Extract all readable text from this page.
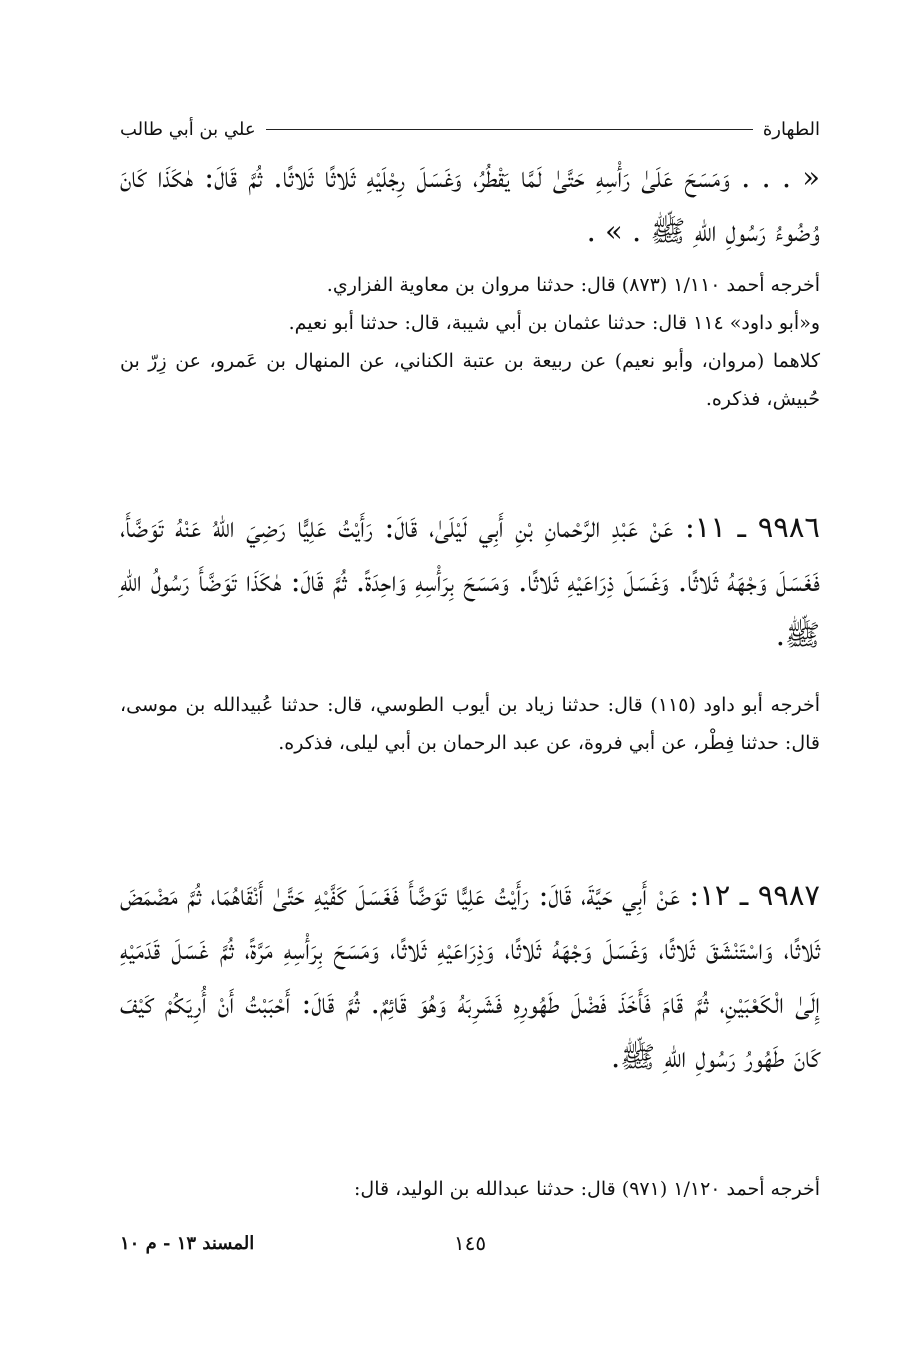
الطهارة
علي بن أبي طالب

« . . . وَمَسَحَ عَلَىٰ رَأْسِهِ حَتَّىٰ لَمَّا يَقْطُرُ، وَغَسَلَ رِجْلَيْهِ ثَلاثًا ثَلاثًا. ثُمَّ قَالَ: هٰكَذَا كَانَ وُضُوءُ رَسُولِ اللهِ ﷺ . » .

أخرجه أحمد ١/١١٠ (٨٧٣) قال: حدثنا مروان بن معاوية الفزاري.

و«أبو داود» ١١٤ قال: حدثنا عثمان بن أبي شيبة، قال: حدثنا أبو نعيم.

كلاهما (مروان، وأبو نعيم) عن ربيعة بن عتبة الكناني، عن المنهال بن عَمرو، عن زِرّ بن حُبيش، فذكره.

٩٩٨٦ ـ ١١: عَنْ عَبْدِ الرَّحْمانِ بْنِ أَبِي لَيْلَىٰ، قَالَ: رَأَيْتُ عَلِيًّا رَضِيَ اللهُ عَنْهُ تَوَضَّأَ، فَغَسَلَ وَجْهَهُ ثَلاثًا. وَغَسَلَ ذِرَاعَيْهِ ثَلاثًا. وَمَسَحَ بِرَأْسِهِ وَاحِدَةً. ثُمَّ قَالَ: هٰكَذَا تَوَضَّأَ رَسُولُ اللهِ ﷺ.

أخرجه أبو داود (١١٥) قال: حدثنا زياد بن أيوب الطوسي، قال: حدثنا عُبيدالله بن موسى، قال: حدثنا فِطْر، عن أبي فروة، عن عبد الرحمان بن أبي ليلى، فذكره.

٩٩٨٧ ـ ١٢: عَنْ أَبِي حَيَّةَ، قَالَ: رَأَيْتُ عَلِيًّا تَوَضَّأَ فَغَسَلَ كَفَّيْهِ حَتَّىٰ أَنْقَاهُمَا، ثُمَّ مَضْمَضَ ثَلاثًا، وَاسْتَنْشَقَ ثَلاثًا، وَغَسَلَ وَجْهَهُ ثَلاثًا، وَذِرَاعَيْهِ ثَلاثًا، وَمَسَحَ بِرَأْسِهِ مَرَّةً، ثُمَّ غَسَلَ قَدَمَيْهِ إِلَىٰ الْكَعْبَيْنِ، ثُمَّ قَامَ فَأَخَذَ فَضْلَ طَهُورِهِ فَشَرِبَهُ وَهُوَ قَائِمٌ. ثُمَّ قَالَ: أَحْبَبْتُ أَنْ أُرِيَكُمْ كَيْفَ كَانَ طَهُورُ رَسُولِ اللهِ ﷺ.

أخرجه أحمد ١/١٢٠ (٩٧١) قال: حدثنا عبدالله بن الوليد، قال:

المسند ١٣ - م ١٠	١٤٥
